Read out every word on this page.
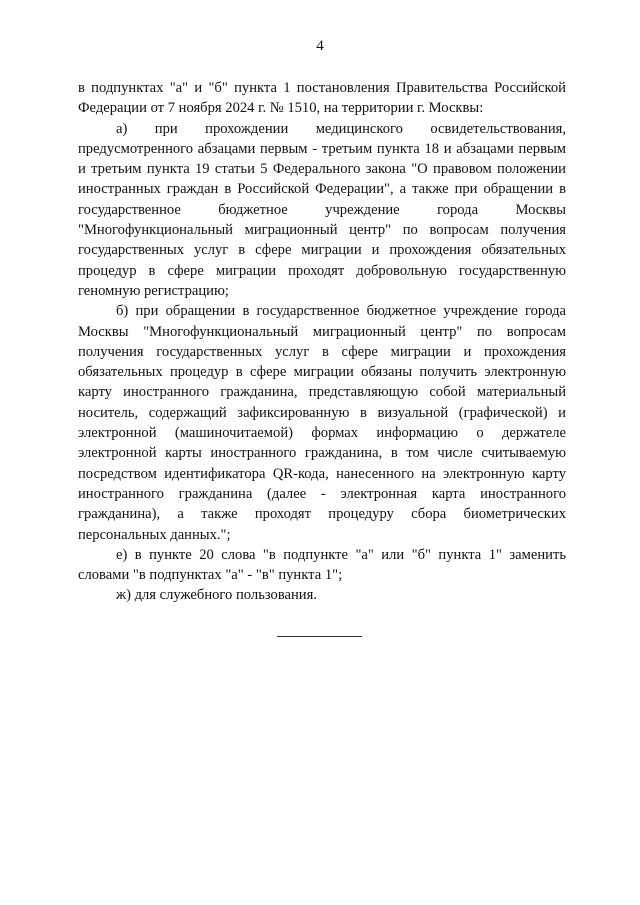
4

в подпунктах "а" и "б" пункта 1 постановления Правительства Российской Федерации от 7 ноября 2024 г. № 1510, на территории г. Москвы:

а) при прохождении медицинского освидетельствования, предусмотренного абзацами первым - третьим пункта 18 и абзацами первым и третьим пункта 19 статьи 5 Федерального закона "О правовом положении иностранных граждан в Российской Федерации", а также при обращении в государственное бюджетное учреждение города Москвы "Многофункциональный миграционный центр" по вопросам получения государственных услуг в сфере миграции и прохождения обязательных процедур в сфере миграции проходят добровольную государственную геномную регистрацию;

б) при обращении в государственное бюджетное учреждение города Москвы "Многофункциональный миграционный центр" по вопросам получения государственных услуг в сфере миграции и прохождения обязательных процедур в сфере миграции обязаны получить электронную карту иностранного гражданина, представляющую собой материальный носитель, содержащий зафиксированную в визуальной (графической) и электронной (машиночитаемой) формах информацию о держателе электронной карты иностранного гражданина, в том числе считываемую посредством идентификатора QR-кода, нанесенного на электронную карту иностранного гражданина (далее - электронная карта иностранного гражданина), а также проходят процедуру сбора биометрических персональных данных.";

е) в пункте 20 слова "в подпункте "а" или "б" пункта 1" заменить словами "в подпунктах "а" - "в" пункта 1";

ж) для служебного пользования.
